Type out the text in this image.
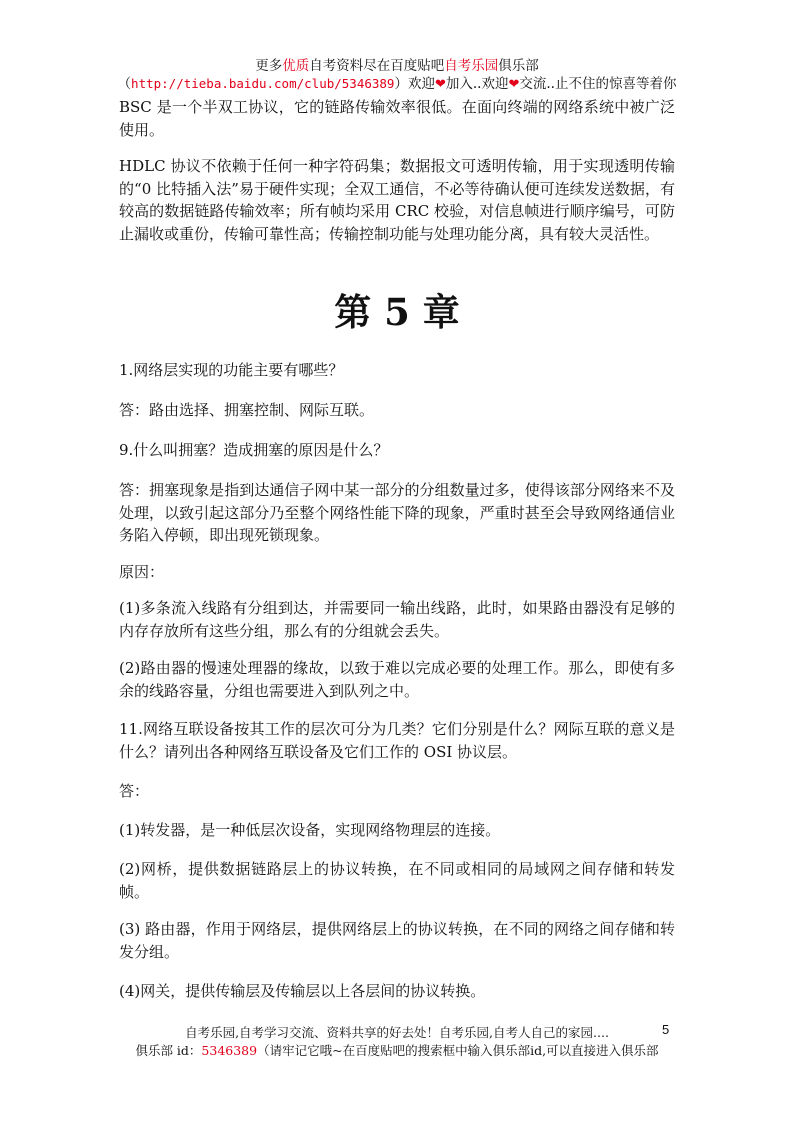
更多优质自考资料尽在百度贴吧自考乐园俱乐部
（http://tieba.baidu.com/club/5346389）欢迎❤加入..欢迎❤交流..止不住的惊喜等着你

BSC 是一个半双工协议，它的链路传输效率很低。在面向终端的网络系统中被广泛使用。

HDLC 协议不依赖于任何一种字符码集；数据报文可透明传输，用于实现透明传输的“0 比特插入法”易于硬件实现；全双工通信，不必等待确认便可连续发送数据，有较高的数据链路传输效率；所有帧均采用 CRC 校验，对信息帧进行顺序编号，可防止漏收或重份，传输可靠性高；传输控制功能与处理功能分离，具有较大灵活性。

第 5 章

1.网络层实现的功能主要有哪些？

答：路由选择、拥塞控制、网际互联。

9.什么叫拥塞？造成拥塞的原因是什么？

答：拥塞现象是指到达通信子网中某一部分的分组数量过多，使得该部分网络来不及处理，以致引起这部分乃至整个网络性能下降的现象，严重时甚至会导致网络通信业务陷入停顿，即出现死锁现象。

原因：

(1)多条流入线路有分组到达，并需要同一输出线路，此时，如果路由器没有足够的内存存放所有这些分组，那么有的分组就会丢失。

(2)路由器的慢速处理器的缘故，以致于难以完成必要的处理工作。那么，即使有多余的线路容量，分组也需要进入到队列之中。

11.网络互联设备按其工作的层次可分为几类？它们分别是什么？网际互联的意义是什么？请列出各种网络互联设备及它们工作的 OSI 协议层。

答：

(1)转发器，是一种低层次设备，实现网络物理层的连接。

(2)网桥，提供数据链路层上的协议转换，在不同或相同的局域网之间存储和转发帧。

(3) 路由器，作用于网络层，提供网络层上的协议转换，在不同的网络之间存储和转发分组。

(4)网关，提供传输层及传输层以上各层间的协议转换。

自考乐园,自考学习交流、资料共享的好去处！自考乐园,自考人自己的家园....	5
俱乐部 id：5346389（请牢记它哦~在百度贴吧的搜索框中输入俱乐部id,可以直接进入俱乐部
